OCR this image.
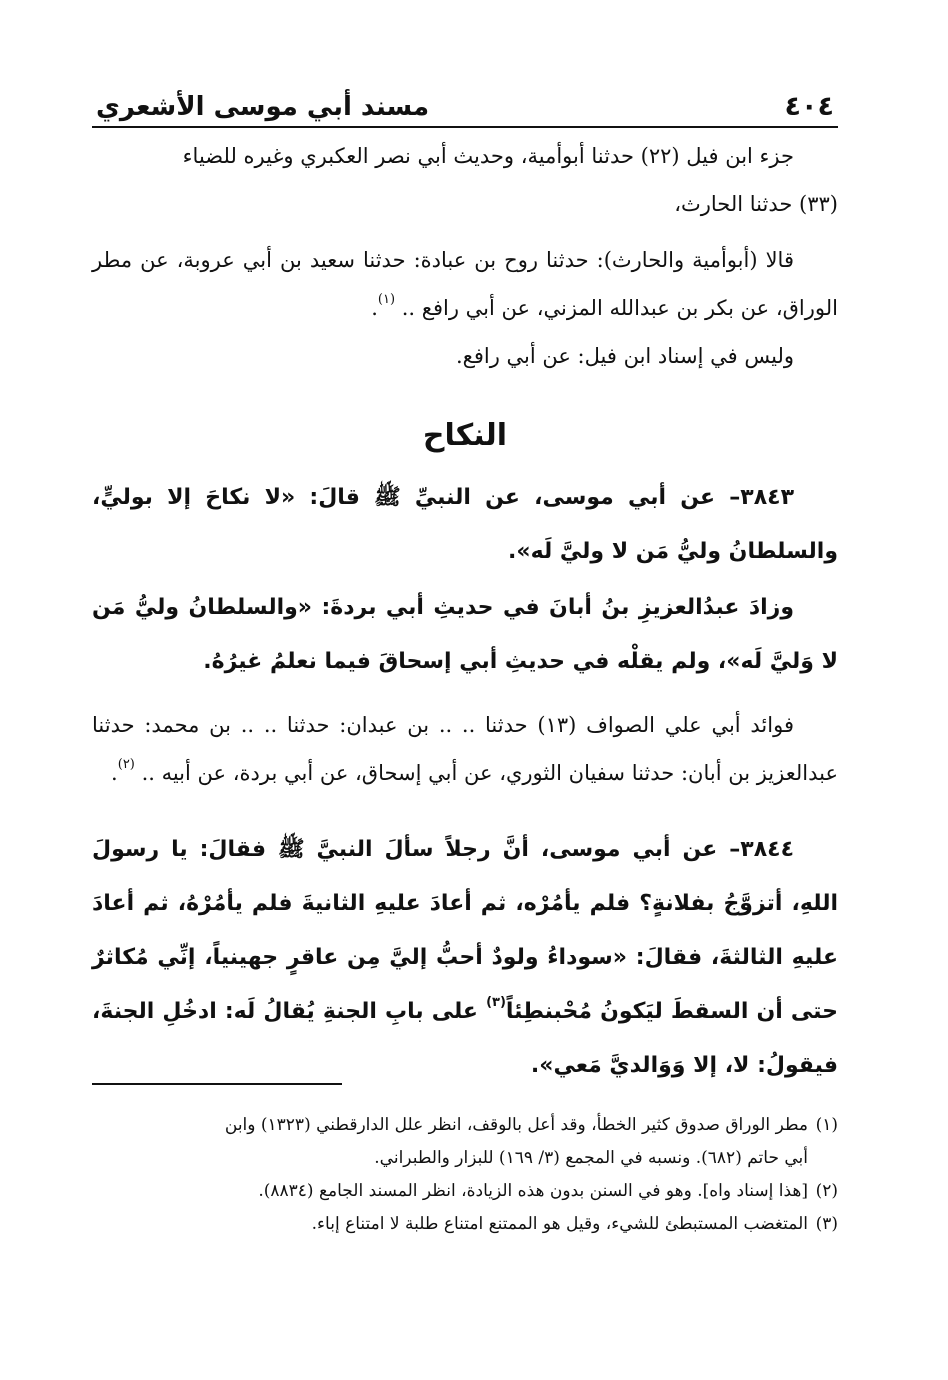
٤٠٤
مسند أبي موسى الأشعري

جزء ابن فيل (٢٢) حدثنا أبوأمية، وحديث أبي نصر العكبري وغيره للضياء
(٣٣) حدثنا الحارث،

قالا (أبوأمية والحارث): حدثنا روح بن عبادة: حدثنا سعيد بن أبي عروبة، عن مطر الوراق، عن بكر بن عبدالله المزني، عن أبي رافع .. $^{(١)}$.

وليس في إسناد ابن فيل: عن أبي رافع.

النكاح

٣٨٤٣– عن أبي موسى، عن النبيِّ ﷺ قالَ: «لا نكاحَ إلا بوليٍّ، والسلطانُ وليُّ مَن لا وليَّ لَه».

وزادَ عبدُالعزيزِ بنُ أبانَ في حديثِ أبي بردةَ: «والسلطانُ وليُّ مَن لا وَليَّ لَه»، ولم يقلْه في حديثِ أبي إسحاقَ فيما نعلمُ غيرُهُ.

فوائد أبي علي الصواف (١٣) حدثنا .. .. بن عبدان: حدثنا .. .. بن محمد: حدثنا عبدالعزيز بن أبان: حدثنا سفيان الثوري، عن أبي إسحاق، عن أبي بردة، عن أبيه .. $^{(٢)}$.

٣٨٤٤– عن أبي موسى، أنَّ رجلاً سألَ النبيَّ ﷺ فقالَ: يا رسولَ اللهِ، أتزوَّجُ بفلانةٍ؟ فلم يأمُرْه، ثم أعادَ عليهِ الثانيةَ فلم يأمُرْهُ، ثم أعادَ عليهِ الثالثةَ، فقالَ: «سوداءُ ولودٌ أحبُّ إليَّ مِن عاقرٍ جهينياً، إنِّي مُكاثرٌ حتى أن السقطَ ليَكونُ مُحْبنطِئاً$^{(٣)}$ على بابِ الجنةِ يُقالُ لَه: ادخُلِ الجنةَ، فيقولُ: لا، إلا وَوَالديَّ مَعي».

(١)مطر الوراق صدوق كثير الخطأ، وقد أعل بالوقف، انظر علل الدارقطني (١٣٢٣) وابن
أبي حاتم (٦٨٢). ونسبه في المجمع (٣/ ١٦٩) للبزار والطبراني.

(٢)[هذا إسناد واه]. وهو في السنن بدون هذه الزيادة، انظر المسند الجامع (٨٨٣٤).

(٣)المتغضب المستبطئ للشيء، وقيل هو الممتنع امتناع طلبة لا امتناع إباء.
